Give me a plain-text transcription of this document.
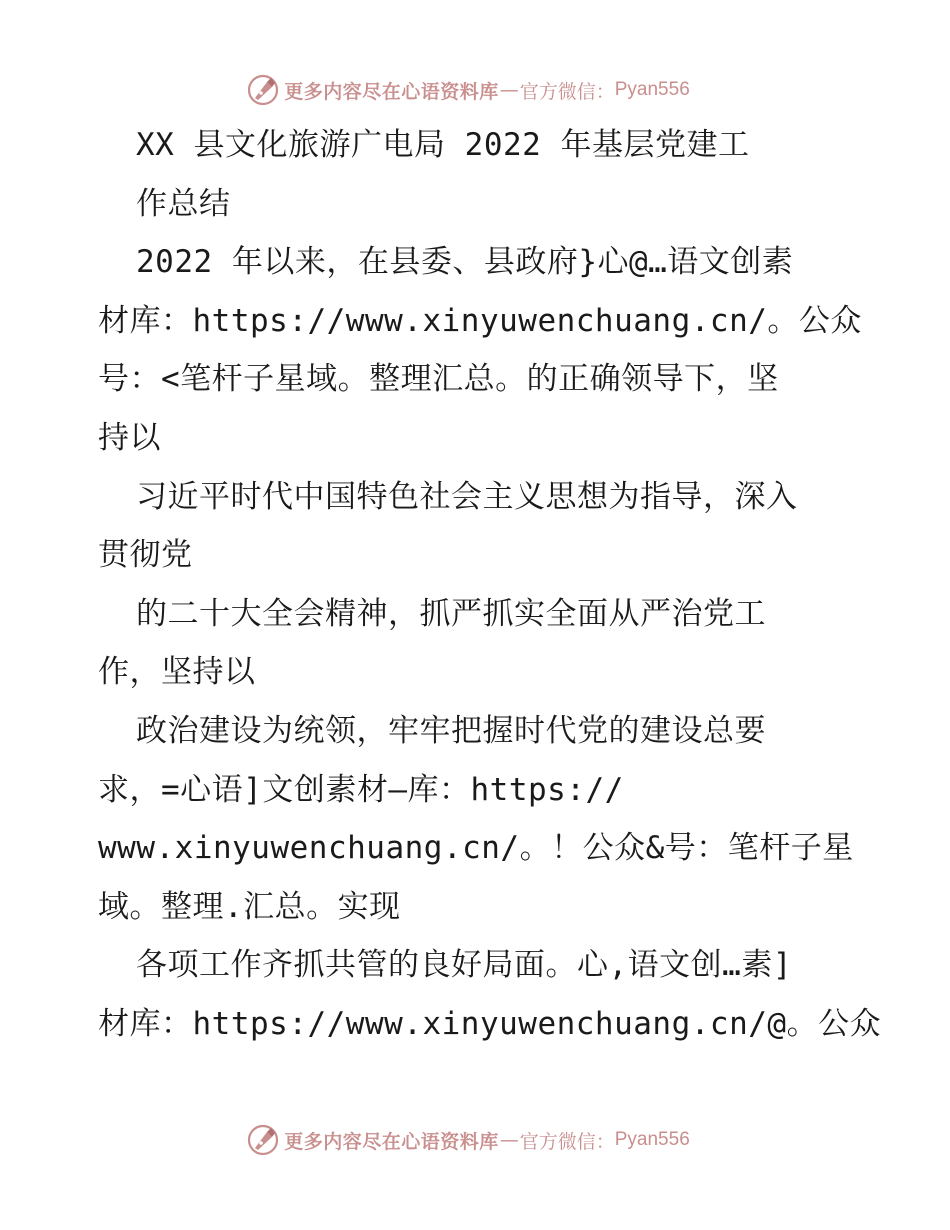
更多内容尽在心语资料库 — 官方微信： Pyan556
XX 县文化旅游广电局 2022 年基层党建工
作总结
2022 年以来，在县委、县政府}心@…语文创素
材库：https://www.xinyuwenchuang.cn/。公众
号：<笔杆子星域。整理汇总。的正确领导下，坚
持以
习近平时代中国特色社会主义思想为指导，深入
贯彻党
的二十大全会精神，抓严抓实全面从严治党工
作，坚持以
政治建设为统领，牢牢把握时代党的建设总要
求，=心语]文创素材—库：https://
www.xinyuwenchuang.cn/。！公众&号：笔杆子星
域。整理.汇总。实现
各项工作齐抓共管的良好局面。心,语文创…素]
材库：https://www.xinyuwenchuang.cn/@。公众
更多内容尽在心语资料库 — 官方微信： Pyan556
